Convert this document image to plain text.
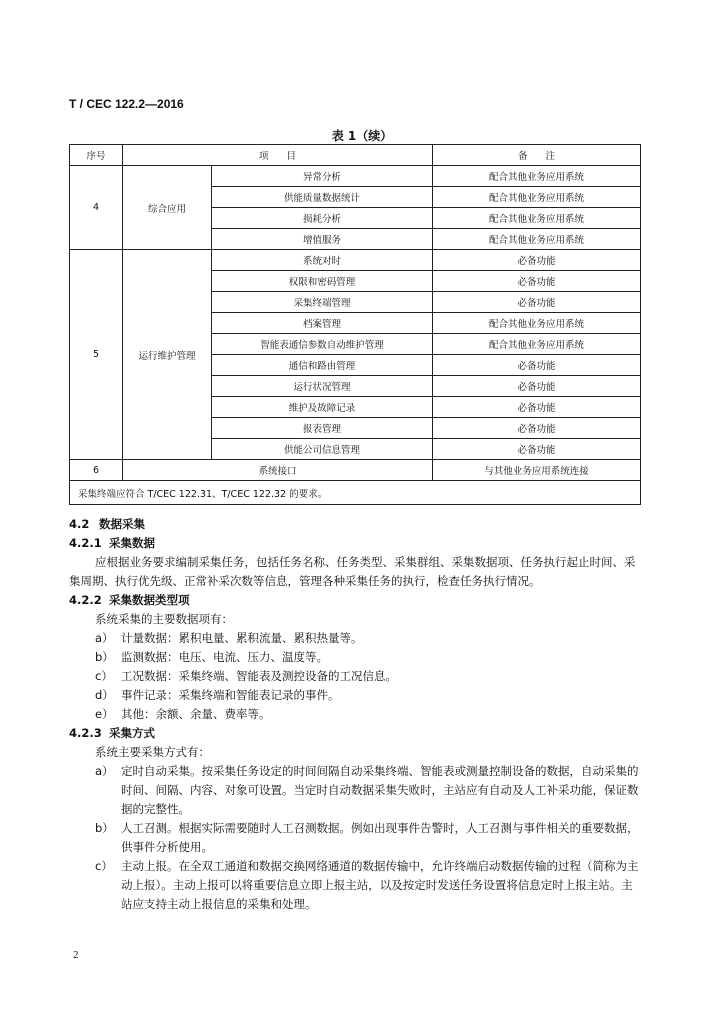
T / CEC 122.2—2016
表 1（续）
序号	项      目		备      注
4	综合应用	异常分析	配合其他业务应用系统
		供能质量数据统计	配合其他业务应用系统
		损耗分析	配合其他业务应用系统
		增值服务	配合其他业务应用系统
5	运行维护管理	系统对时	必备功能
		权限和密码管理	必备功能
		采集终端管理	必备功能
		档案管理	配合其他业务应用系统
		智能表通信参数自动维护管理	配合其他业务应用系统
		通信和路由管理	必备功能
		运行状况管理	必备功能
		维护及故障记录	必备功能
		报表管理	必备功能
		供能公司信息管理	必备功能
6	系统接口		与其他业务应用系统连接
采集终端应符合 T/CEC 122.31、T/CEC 122.32 的要求。			
4.2 数据采集
4.2.1 采集数据
应根据业务要求编制采集任务，包括任务名称、任务类型、采集群组、采集数据项、任务执行起止时间、采集周期、执行优先级、正常补采次数等信息，管理各种采集任务的执行，检查任务执行情况。
4.2.2 采集数据类型项
系统采集的主要数据项有：
a） 计量数据：累积电量、累积流量、累积热量等。
b） 监测数据：电压、电流、压力、温度等。
c） 工况数据：采集终端、智能表及测控设备的工况信息。
d） 事件记录：采集终端和智能表记录的事件。
e） 其他：余额、余量、费率等。
4.2.3 采集方式
系统主要采集方式有：
a） 定时自动采集。按采集任务设定的时间间隔自动采集终端、智能表或测量控制设备的数据，自动采集的时间、间隔、内容、对象可设置。当定时自动数据采集失败时，主站应有自动及人工补采功能，保证数据的完整性。
b） 人工召测。根据实际需要随时人工召测数据。例如出现事件告警时，人工召测与事件相关的重要数据，供事件分析使用。
c） 主动上报。在全双工通道和数据交换网络通道的数据传输中，允许终端启动数据传输的过程（简称为主动上报）。主动上报可以将重要信息立即上报主站，以及按定时发送任务设置将信息定时上报主站。主站应支持主动上报信息的采集和处理。
2
